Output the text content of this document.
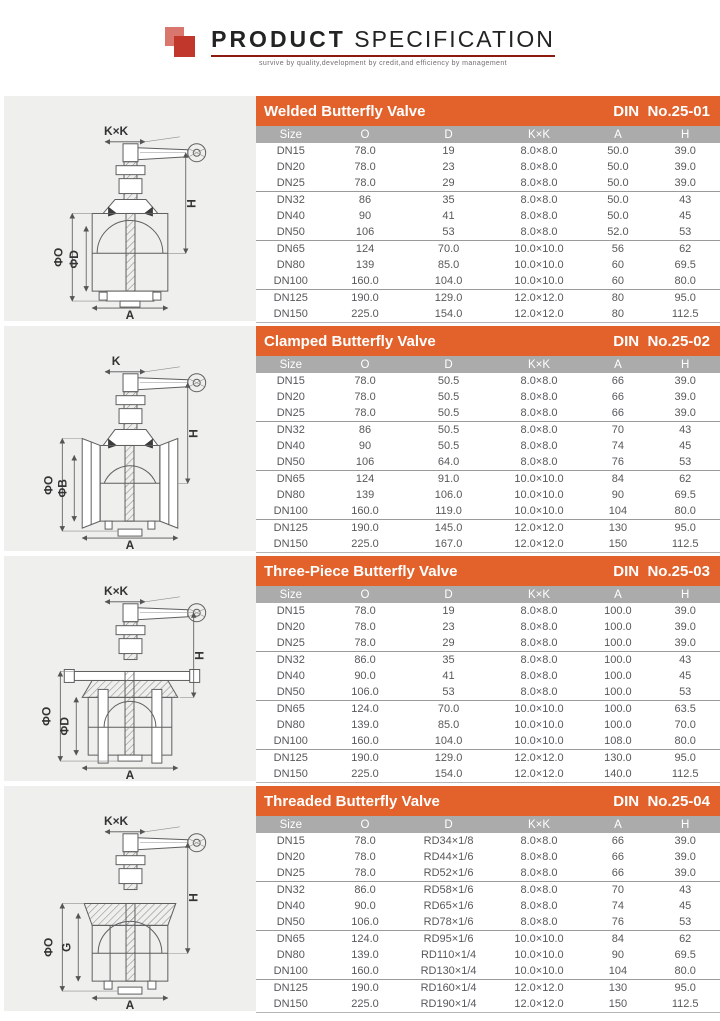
PRODUCT SPECIFICATION
survive by quality,development by credit,and efficiency by management
K×K
ΦO ΦD
H
A
Welded Butterfly Valve	DIN  No.25-01
Size	O	D	K×K	A	H
DN15	78.0	19	8.0×8.0	50.0	39.0
DN20	78.0	23	8.0×8.0	50.0	39.0
DN25	78.0	29	8.0×8.0	50.0	39.0
DN32	86	35	8.0×8.0	50.0	43
DN40	90	41	8.0×8.0	50.0	45
DN50	106	53	8.0×8.0	52.0	53
DN65	124	70.0	10.0×10.0	56	62
DN80	139	85.0	10.0×10.0	60	69.5
DN100	160.0	104.0	10.0×10.0	60	80.0
DN125	190.0	129.0	12.0×12.0	80	95.0
DN150	225.0	154.0	12.0×12.0	80	112.5
K
ΦO ΦB
H
A
Clamped Butterfly Valve	DIN  No.25-02
Size	O	D	K×K	A	H
DN15	78.0	50.5	8.0×8.0	66	39.0
DN20	78.0	50.5	8.0×8.0	66	39.0
DN25	78.0	50.5	8.0×8.0	66	39.0
DN32	86	50.5	8.0×8.0	70	43
DN40	90	50.5	8.0×8.0	74	45
DN50	106	64.0	8.0×8.0	76	53
DN65	124	91.0	10.0×10.0	84	62
DN80	139	106.0	10.0×10.0	90	69.5
DN100	160.0	119.0	10.0×10.0	104	80.0
DN125	190.0	145.0	12.0×12.0	130	95.0
DN150	225.0	167.0	12.0×12.0	150	112.5
K×K
ΦO
ΦD
H
A
Three-Piece Butterfly Valve	DIN  No.25-03
Size	O	D	K×K	A	H
DN15	78.0	19	8.0×8.0	100.0	39.0
DN20	78.0	23	8.0×8.0	100.0	39.0
DN25	78.0	29	8.0×8.0	100.0	39.0
DN32	86.0	35	8.0×8.0	100.0	43
DN40	90.0	41	8.0×8.0	100.0	45
DN50	106.0	53	8.0×8.0	100.0	53
DN65	124.0	70.0	10.0×10.0	100.0	63.5
DN80	139.0	85.0	10.0×10.0	100.0	70.0
DN100	160.0	104.0	10.0×10.0	108.0	80.0
DN125	190.0	129.0	12.0×12.0	130.0	95.0
DN150	225.0	154.0	12.0×12.0	140.0	112.5
K×K
ΦO G
H
A
Threaded Butterfly Valve	DIN  No.25-04
Size	O	D	K×K	A	H
DN15	78.0	RD34×1/8	8.0×8.0	66	39.0
DN20	78.0	RD44×1/6	8.0×8.0	66	39.0
DN25	78.0	RD52×1/6	8.0×8.0	66	39.0
DN32	86.0	RD58×1/6	8.0×8.0	70	43
DN40	90.0	RD65×1/6	8.0×8.0	74	45
DN50	106.0	RD78×1/6	8.0×8.0	76	53
DN65	124.0	RD95×1/6	10.0×10.0	84	62
DN80	139.0	RD110×1/4	10.0×10.0	90	69.5
DN100	160.0	RD130×1/4	10.0×10.0	104	80.0
DN125	190.0	RD160×1/4	12.0×12.0	130	95.0
DN150	225.0	RD190×1/4	12.0×12.0	150	112.5
